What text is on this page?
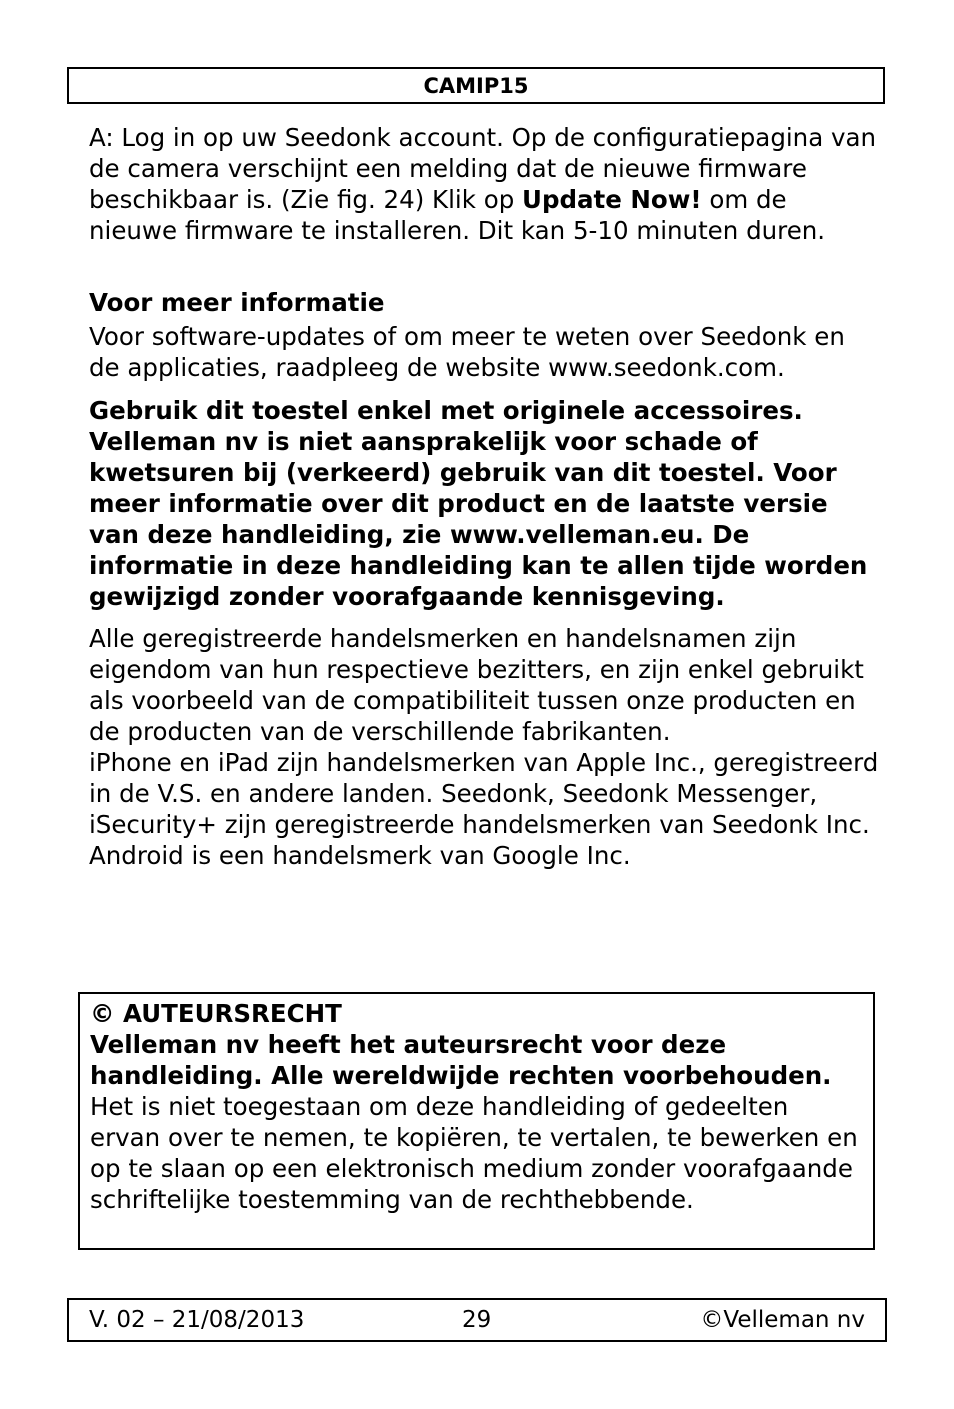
CAMIP15

A: Log in op uw Seedonk account. Op de configuratiepagina van de camera verschijnt een melding dat de nieuwe firmware beschikbaar is. (Zie fig. 24) Klik op Update Now! om de nieuwe firmware te installeren. Dit kan 5-10 minuten duren.

Voor meer informatie

Voor software-updates of om meer te weten over Seedonk en de applicaties, raadpleeg de website www.seedonk.com.

Gebruik dit toestel enkel met originele accessoires. Velleman nv is niet aansprakelijk voor schade of kwetsuren bij (verkeerd) gebruik van dit toestel. Voor meer informatie over dit product en de laatste versie van deze handleiding, zie www.velleman.eu. De informatie in deze handleiding kan te allen tijde worden gewijzigd zonder voorafgaande kennisgeving.

Alle geregistreerde handelsmerken en handelsnamen zijn eigendom van hun respectieve bezitters, en zijn enkel gebruikt als voorbeeld van de compatibiliteit tussen onze producten en de producten van de verschillende fabrikanten.

iPhone en iPad zijn handelsmerken van Apple Inc., geregistreerd in de V.S. en andere landen. Seedonk, Seedonk Messenger, iSecurity+ zijn geregistreerde handelsmerken van Seedonk Inc. Android is een handelsmerk van Google Inc.

© AUTEURSRECHT

Velleman nv heeft het auteursrecht voor deze handleiding. Alle wereldwijde rechten voorbehouden.

Het is niet toegestaan om deze handleiding of gedeelten ervan over te nemen, te kopiëren, te vertalen, te bewerken en op te slaan op een elektronisch medium zonder voorafgaande schriftelijke toestemming van de rechthebbende.

V. 02 – 21/08/2013	29	©Velleman nv
